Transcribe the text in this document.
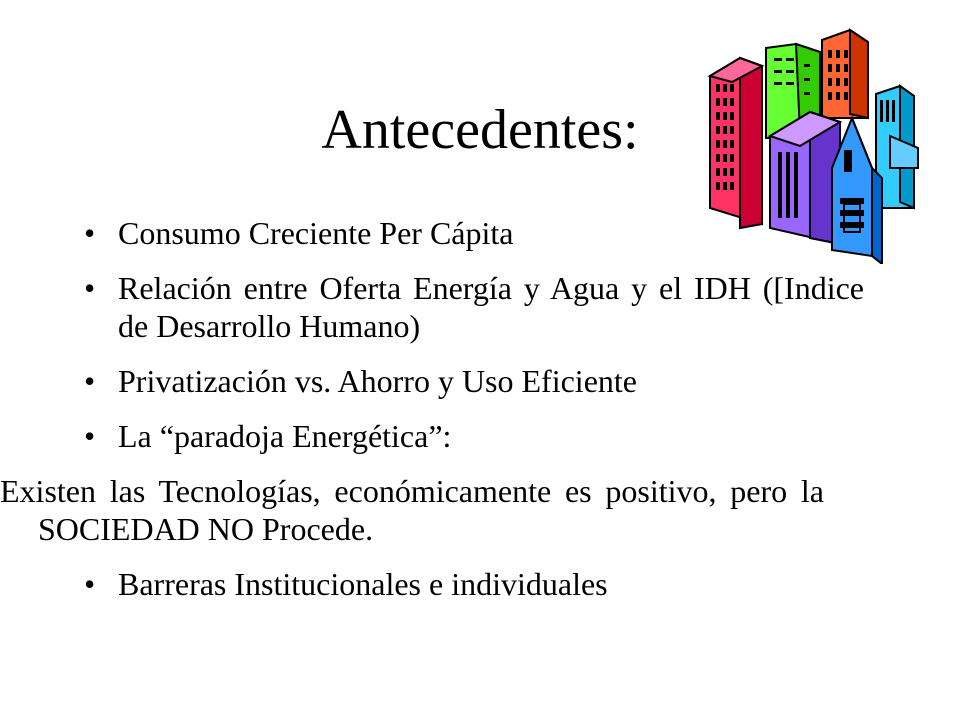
Antecedentes:
• Consumo Creciente Per Cápita
• Relación entre Oferta Energía y Agua y el IDH ([Indice de Desarrollo Humano)
• Privatización vs. Ahorro y Uso Eficiente
• La “paradoja Energética”:
Existen las Tecnologías, económicamente es positivo, pero la SOCIEDAD NO Procede.
• Barreras Institucionales e individuales
